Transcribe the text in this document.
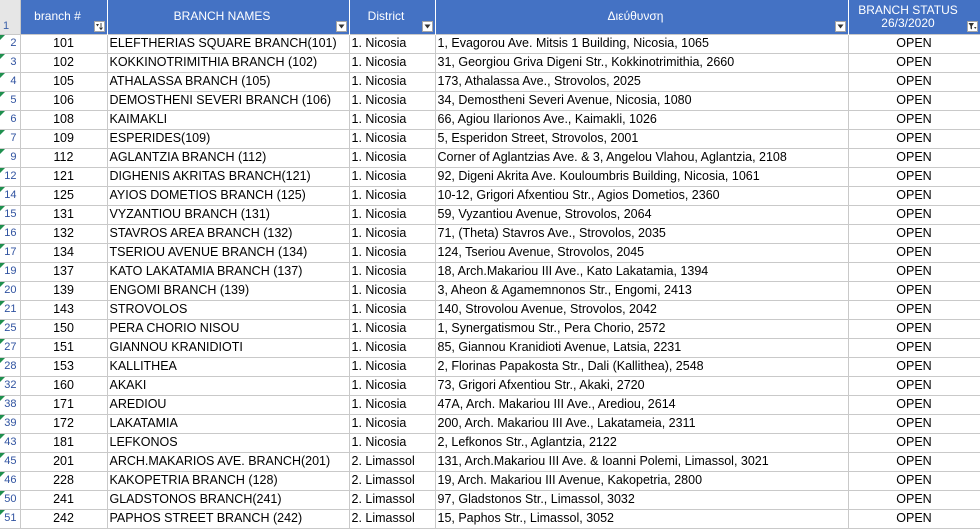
1	branch #	BRANCH NAMES	District	Διεύθυνση	BRANCH STATUS
26/3/2020

2	101	ELEFTHERIAS SQUARE BRANCH(101)	1. Nicosia	1, Evagorou Ave. Mitsis 1 Building, Nicosia, 1065	OPEN

3	102	KOKKINOTRIMITHIA BRANCH (102)	1. Nicosia	31, Georgiou Griva Digeni Str., Kokkinotrimithia, 2660	OPEN

4	105	ATHALASSA BRANCH (105)	1. Nicosia	173, Athalassa Ave., Strovolos, 2025	OPEN

5	106	DEMOSTHENI SEVERI BRANCH (106)	1. Nicosia	34, Demostheni Severi Avenue, Nicosia, 1080	OPEN

6	108	KAIMAKLI	1. Nicosia	66, Agiou Ilarionos Ave., Kaimakli, 1026	OPEN

7	109	ESPERIDES(109)	1. Nicosia	5, Esperidon Street, Strovolos, 2001	OPEN

9	112	AGLANTZIA BRANCH (112)	1. Nicosia	Corner of Aglantzias Ave. & 3, Angelou Vlahou, Aglantzia, 2108	OPEN

12	121	DIGHENIS AKRITAS BRANCH(121)	1. Nicosia	92, Digeni Akrita Ave. Kouloumbris Building, Nicosia, 1061	OPEN

14	125	AYIOS DOMETIOS BRANCH (125)	1. Nicosia	10-12, Grigori Afxentiou Str., Agios Dometios, 2360	OPEN

15	131	VYZANTIOU BRANCH (131)	1. Nicosia	59, Vyzantiou Avenue, Strovolos, 2064	OPEN

16	132	STAVROS AREA BRANCH (132)	1. Nicosia	71, (Theta) Stavros Ave., Strovolos, 2035	OPEN

17	134	TSERIOU AVENUE BRANCH (134)	1. Nicosia	124, Tseriou Avenue, Strovolos, 2045	OPEN

19	137	KATO LAKATAMIA BRANCH (137)	1. Nicosia	18, Arch.Makariou III Ave., Kato Lakatamia, 1394	OPEN

20	139	ENGOMI BRANCH (139)	1. Nicosia	3, Aheon & Agamemnonos Str., Engomi, 2413	OPEN

21	143	STROVOLOS	1. Nicosia	140, Strovolou Avenue, Strovolos, 2042	OPEN

25	150	PERA CHORIO NISOU	1. Nicosia	1, Synergatismou Str., Pera Chorio, 2572	OPEN

27	151	GIANNOU KRANIDIOTI	1. Nicosia	85, Giannou Kranidioti Avenue, Latsia, 2231	OPEN

28	153	KALLITHEA	1. Nicosia	2, Florinas Papakosta Str., Dali (Kallithea), 2548	OPEN

32	160	AKAKI	1. Nicosia	73, Grigori Afxentiou Str., Akaki, 2720	OPEN

38	171	AREDIOU	1. Nicosia	47A, Arch. Makariou III Ave., Arediou, 2614	OPEN

39	172	LAKATAMIA	1. Nicosia	200, Arch. Makariou III Ave., Lakatameia, 2311	OPEN

43	181	LEFKONOS	1. Nicosia	2, Lefkonos Str., Aglantzia, 2122	OPEN

45	201	ARCH.MAKARIOS AVE. BRANCH(201)	2. Limassol	131, Arch.Makariou III Ave. & Ioanni Polemi, Limassol, 3021	OPEN

46	228	KAKOPETRIA BRANCH (128)	2. Limassol	19, Arch. Makariou III Avenue, Kakopetria, 2800	OPEN

50	241	GLADSTONOS BRANCH(241)	2. Limassol	97, Gladstonos Str., Limassol, 3032	OPEN

51	242	PAPHOS STREET BRANCH (242)	2. Limassol	15, Paphos Str., Limassol, 3052	OPEN
